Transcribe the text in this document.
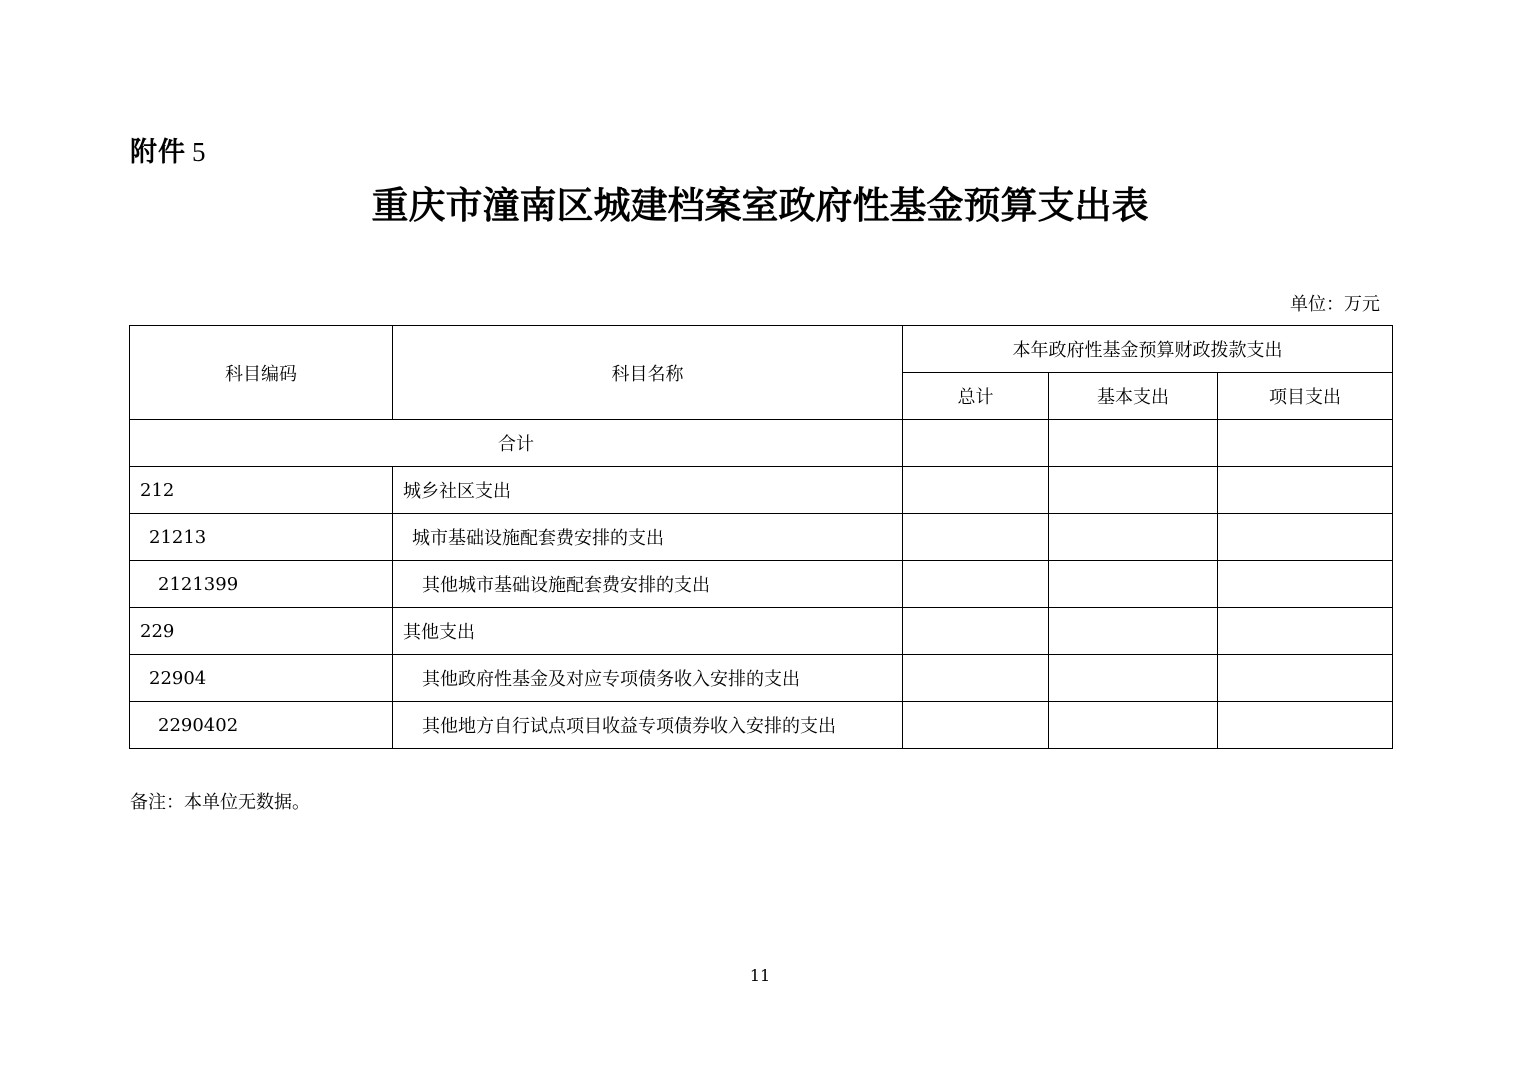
附件 5
重庆市潼南区城建档案室政府性基金预算支出表
单位：万元
科目编码	科目名称	本年政府性基金预算财政拨款支出		
		总计	基本支出	项目支出
合计				
212	城乡社区支出			
21213	城市基础设施配套费安排的支出			
2121399	其他城市基础设施配套费安排的支出			
229	其他支出			
22904	其他政府性基金及对应专项债务收入安排的支出			
2290402	其他地方自行试点项目收益专项债券收入安排的支出			
备注：本单位无数据。
11
